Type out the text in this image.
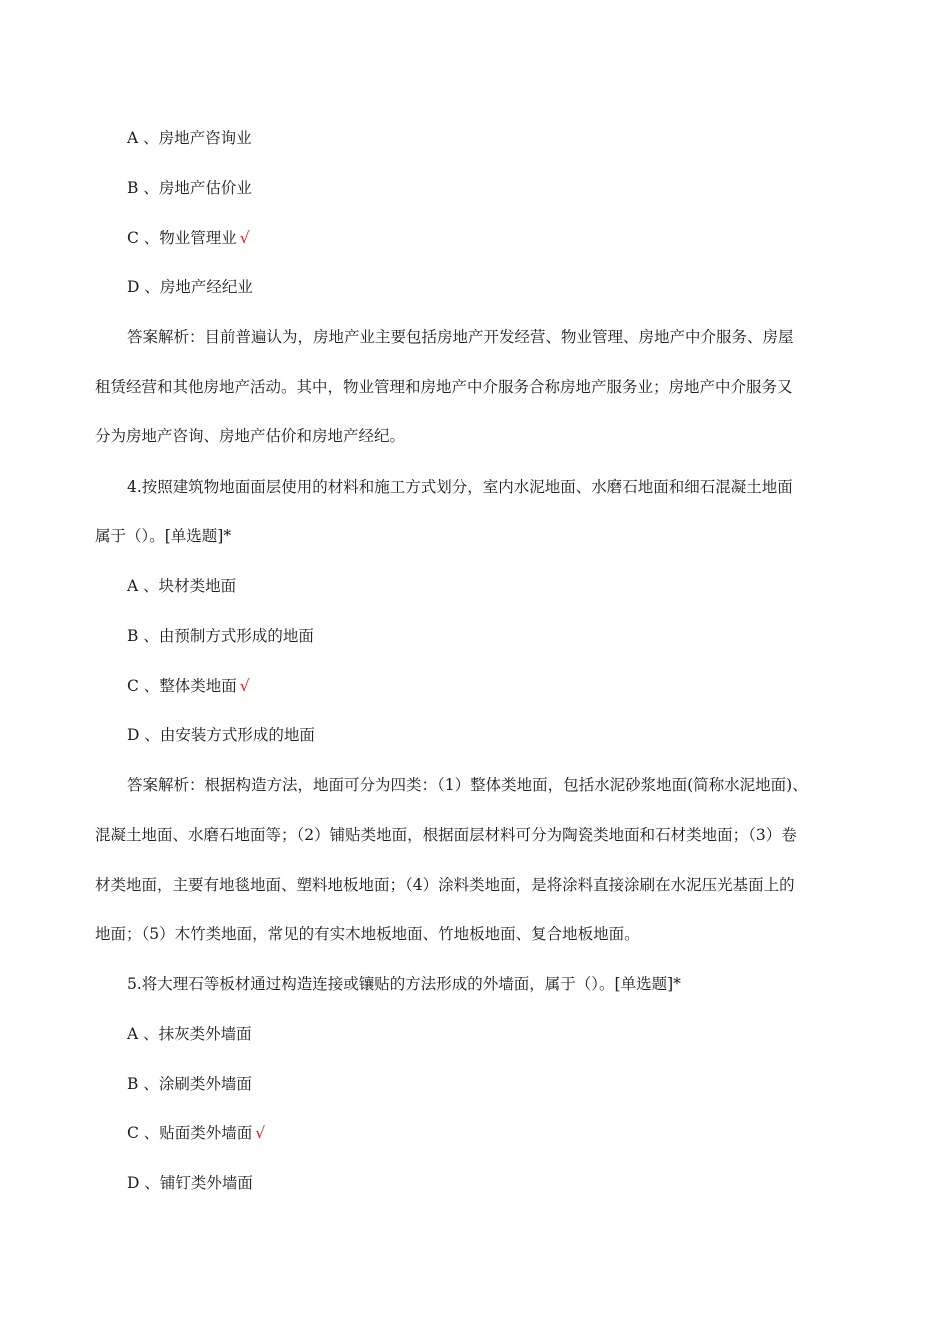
A 、房地产咨询业
B 、房地产估价业
C 、物业管理业 √
D 、房地产经纪业
答案解析：目前普遍认为，房地产业主要包括房地产开发经营、物业管理、房地产中介服务、房屋
租赁经营和其他房地产活动。其中，物业管理和房地产中介服务合称房地产服务业；房地产中介服务又
分为房地产咨询、房地产估价和房地产经纪。
4.按照建筑物地面面层使用的材料和施工方式划分，室内水泥地面、水磨石地面和细石混凝土地面
属于（）。[单选题]*
A 、块材类地面
B 、由预制方式形成的地面
C 、整体类地面 √
D 、由安装方式形成的地面
答案解析：根据构造方法，地面可分为四类：（1）整体类地面，包括水泥砂浆地面(简称水泥地面)、
混凝土地面、水磨石地面等；（2）铺贴类地面，根据面层材料可分为陶瓷类地面和石材类地面；（3）卷
材类地面，主要有地毯地面、塑料地板地面；（4）涂料类地面，是将涂料直接涂刷在水泥压光基面上的
地面；（5）木竹类地面，常见的有实木地板地面、竹地板地面、复合地板地面。
5.将大理石等板材通过构造连接或镶贴的方法形成的外墙面，属于（）。[单选题]*
A 、抹灰类外墙面
B 、涂刷类外墙面
C 、贴面类外墙面 √
D 、铺钉类外墙面
